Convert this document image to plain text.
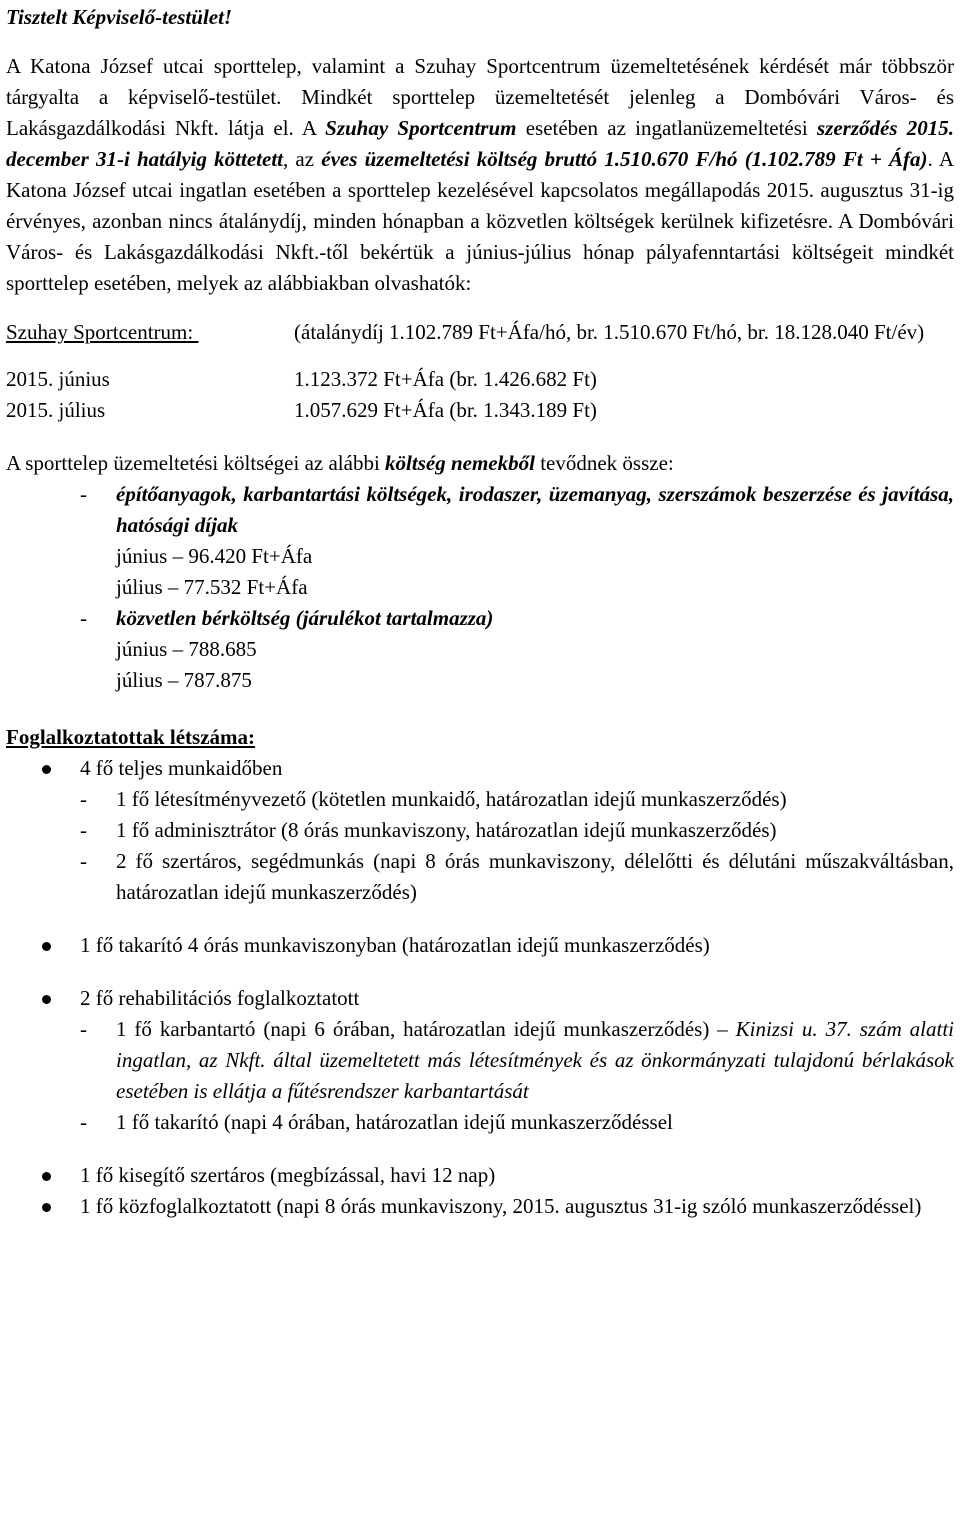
Tisztelt Képviselő-testület!

A Katona József utcai sporttelep, valamint a Szuhay Sportcentrum üzemeltetésének kérdését már többször tárgyalta a képviselő-testület. Mindkét sporttelep üzemeltetését jelenleg a Dombóvári Város- és Lakásgazdálkodási Nkft. látja el. A Szuhay Sportcentrum esetében az ingatlanüzemeltetési szerződés 2015. december 31-i hatályig köttetett, az éves üzemeltetési költség bruttó 1.510.670 F/hó (1.102.789 Ft + Áfa). A Katona József utcai ingatlan esetében a sporttelep kezelésével kapcsolatos megállapodás 2015. augusztus 31-ig érvényes, azonban nincs átalánydíj, minden hónapban a közvetlen költségek kerülnek kifizetésre. A Dombóvári Város- és Lakásgazdálkodási Nkft.-től bekértük a június-július hónap pályafenntartási költségeit mindkét sporttelep esetében, melyek az alábbiakban olvashatók:

Szuhay Sportcentrum:	(átalánydíj 1.102.789 Ft+Áfa/hó, br. 1.510.670 Ft/hó, br. 18.128.040 Ft/év)
2015. június	1.123.372 Ft+Áfa (br. 1.426.682 Ft)
2015. július	1.057.629 Ft+Áfa (br. 1.343.189 Ft)

A sporttelep üzemeltetési költségei az alábbi költség nemekből tevődnek össze:

- építőanyagok, karbantartási költségek, irodaszer, üzemanyag, szerszámok beszerzése és javítása, hatósági díjak

június – 96.420 Ft+Áfa

július – 77.532 Ft+Áfa

- közvetlen bérköltség (járulékot tartalmazza)

június – 788.685

július – 787.875

Foglalkoztatottak létszáma:

4 fő teljes munkaidőben
- 1 fő létesítményvezető (kötetlen munkaidő, határozatlan idejű munkaszerződés)
- 1 fő adminisztrátor (8 órás munkaviszony, határozatlan idejű munkaszerződés)
- 2 fő szertáros, segédmunkás (napi 8 órás munkaviszony, délelőtti és délutáni műszakváltásban, határozatlan idejű munkaszerződés)
1 fő takarító 4 órás munkaviszonyban (határozatlan idejű munkaszerződés)
2 fő rehabilitációs foglalkoztatott
- 1 fő karbantartó (napi 6 órában, határozatlan idejű munkaszerződés) – Kinizsi u. 37. szám alatti ingatlan, az Nkft. által üzemeltetett más létesítmények és az önkormányzati tulajdonú bérlakások esetében is ellátja a fűtésrendszer karbantartását
- 1 fő takarító (napi 4 órában, határozatlan idejű munkaszerződéssel
1 fő kisegítő szertáros (megbízással, havi 12 nap)
1 fő közfoglalkoztatott (napi 8 órás munkaviszony, 2015. augusztus 31-ig szóló munkaszerződéssel)
